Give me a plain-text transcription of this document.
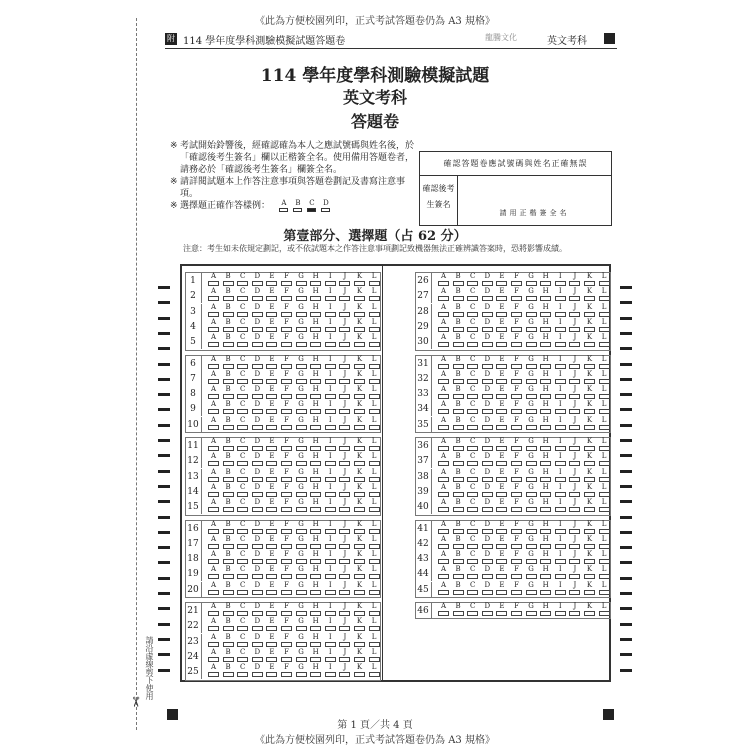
《此為方便校園列印，正式考試答題卷仍為 A3 規格》
請沿虛線剪下使用
✂
附 114 學年度學科測驗模擬試題答題卷	龍騰文化	英文考科
114 學年度學科測驗模擬試題
英文考科
答題卷
※ 考試開始鈴響後，經確認確為本人之應試號碼與姓名後，於「確認後考生簽名」欄以正楷簽全名。使用備用答題卷者，請務必於「確認後考生簽名」欄簽全名。
※ 請詳閱試題本上作答注意事項與答題卷劃記及書寫注意事項。
※ 選擇題正確作答樣例： A B C D
確認答題卷應試號碼與姓名正確無誤
確認後考生簽名
請用正楷簽全名
第壹部分、選擇題（占 62 分）
注意：考生如未依規定劃記，或不依試題本之作答注意事項劃記致機器無法正確辨識答案時，恐將影響成績。
1	A	B	C	D	E	F	G	H	I	J	K	L
2	A	B	C	D	E	F	G	H	I	J	K	L
3	A	B	C	D	E	F	G	H	I	J	K	L
4	A	B	C	D	E	F	G	H	I	J	K	L
5	A	B	C	D	E	F	G	H	I	J	K	L
6	A	B	C	D	E	F	G	H	I	J	K	L
7	A	B	C	D	E	F	G	H	I	J	K	L
8	A	B	C	D	E	F	G	H	I	J	K	L
9	A	B	C	D	E	F	G	H	I	J	K	L
10	A	B	C	D	E	F	G	H	I	J	K	L
11	A	B	C	D	E	F	G	H	I	J	K	L
12	A	B	C	D	E	F	G	H	I	J	K	L
13	A	B	C	D	E	F	G	H	I	J	K	L
14	A	B	C	D	E	F	G	H	I	J	K	L
15	A	B	C	D	E	F	G	H	I	J	K	L
16	A	B	C	D	E	F	G	H	I	J	K	L
17	A	B	C	D	E	F	G	H	I	J	K	L
18	A	B	C	D	E	F	G	H	I	J	K	L
19	A	B	C	D	E	F	G	H	I	J	K	L
20	A	B	C	D	E	F	G	H	I	J	K	L
21	A	B	C	D	E	F	G	H	I	J	K	L
22	A	B	C	D	E	F	G	H	I	J	K	L
23	A	B	C	D	E	F	G	H	I	J	K	L
24	A	B	C	D	E	F	G	H	I	J	K	L
25	A	B	C	D	E	F	G	H	I	J	K	L
26	A	B	C	D	E	F	G	H	I	J	K	L
27	A	B	C	D	E	F	G	H	I	J	K	L
28	A	B	C	D	E	F	G	H	I	J	K	L
29	A	B	C	D	E	F	G	H	I	J	K	L
30	A	B	C	D	E	F	G	H	I	J	K	L
31	A	B	C	D	E	F	G	H	I	J	K	L
32	A	B	C	D	E	F	G	H	I	J	K	L
33	A	B	C	D	E	F	G	H	I	J	K	L
34	A	B	C	D	E	F	G	H	I	J	K	L
35	A	B	C	D	E	F	G	H	I	J	K	L
36	A	B	C	D	E	F	G	H	I	J	K	L
37	A	B	C	D	E	F	G	H	I	J	K	L
38	A	B	C	D	E	F	G	H	I	J	K	L
39	A	B	C	D	E	F	G	H	I	J	K	L
40	A	B	C	D	E	F	G	H	I	J	K	L
41	A	B	C	D	E	F	G	H	I	J	K	L
42	A	B	C	D	E	F	G	H	I	J	K	L
43	A	B	C	D	E	F	G	H	I	J	K	L
44	A	B	C	D	E	F	G	H	I	J	K	L
45	A	B	C	D	E	F	G	H	I	J	K	L
46	A	B	C	D	E	F	G	H	I	J	K	L
第 1 頁／共 4 頁
《此為方便校園列印，正式考試答題卷仍為 A3 規格》
